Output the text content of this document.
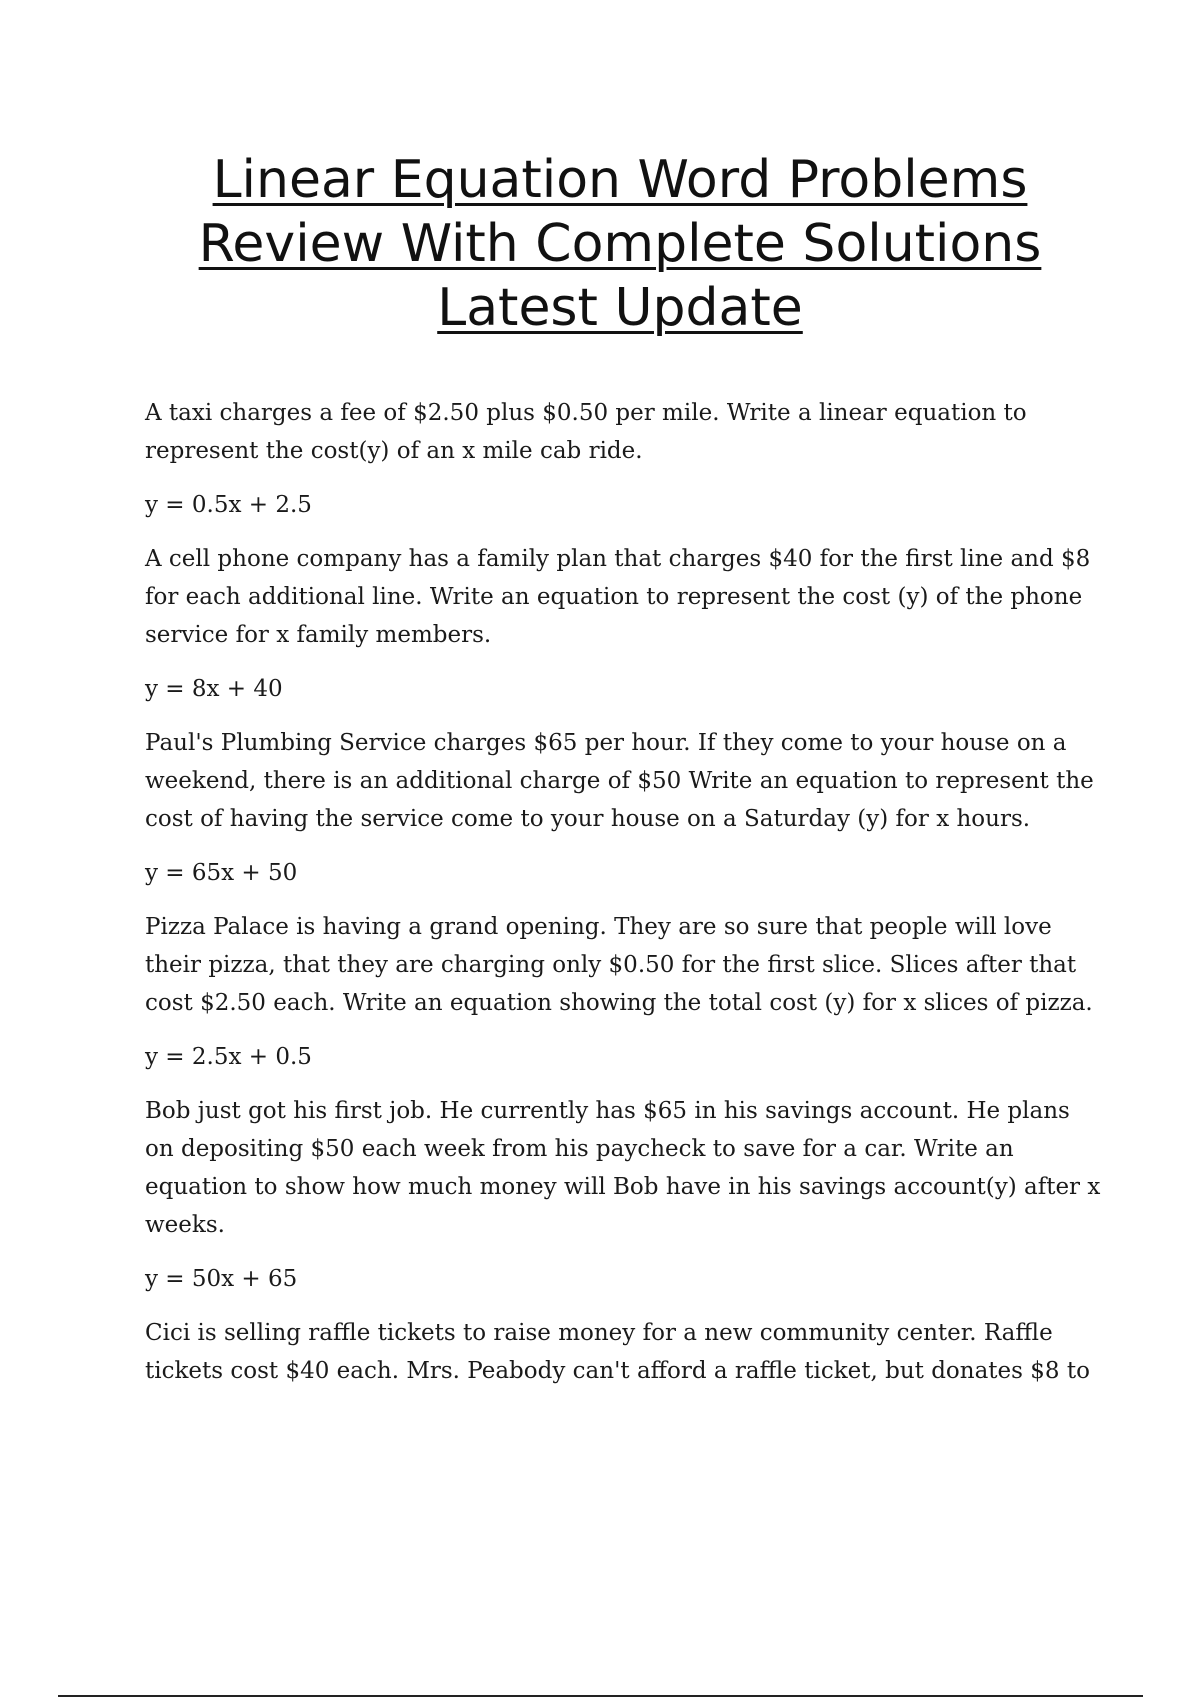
Linear Equation Word Problems
Review With Complete Solutions
Latest Update

A taxi charges a fee of $2.50 plus $0.50 per mile. Write a linear equation to represent the cost(y) of an x mile cab ride.

y = 0.5x + 2.5

A cell phone company has a family plan that charges $40 for the first line and $8 for each additional line. Write an equation to represent the cost (y) of the phone service for x family members.

y = 8x + 40

Paul's Plumbing Service charges $65 per hour. If they come to your house on a weekend, there is an additional charge of $50 Write an equation to represent the cost of having the service come to your house on a Saturday (y) for x hours.

y = 65x + 50

Pizza Palace is having a grand opening. They are so sure that people will love their pizza, that they are charging only $0.50 for the first slice. Slices after that cost $2.50 each. Write an equation showing the total cost (y) for x slices of pizza.

y = 2.5x + 0.5

Bob just got his first job. He currently has $65 in his savings account. He plans on depositing $50 each week from his paycheck to save for a car. Write an equation to show how much money will Bob have in his savings account(y) after x weeks.

y = 50x + 65

Cici is selling raffle tickets to raise money for a new community center. Raffle tickets cost $40 each. Mrs. Peabody can't afford a raffle ticket, but donates $8 to
